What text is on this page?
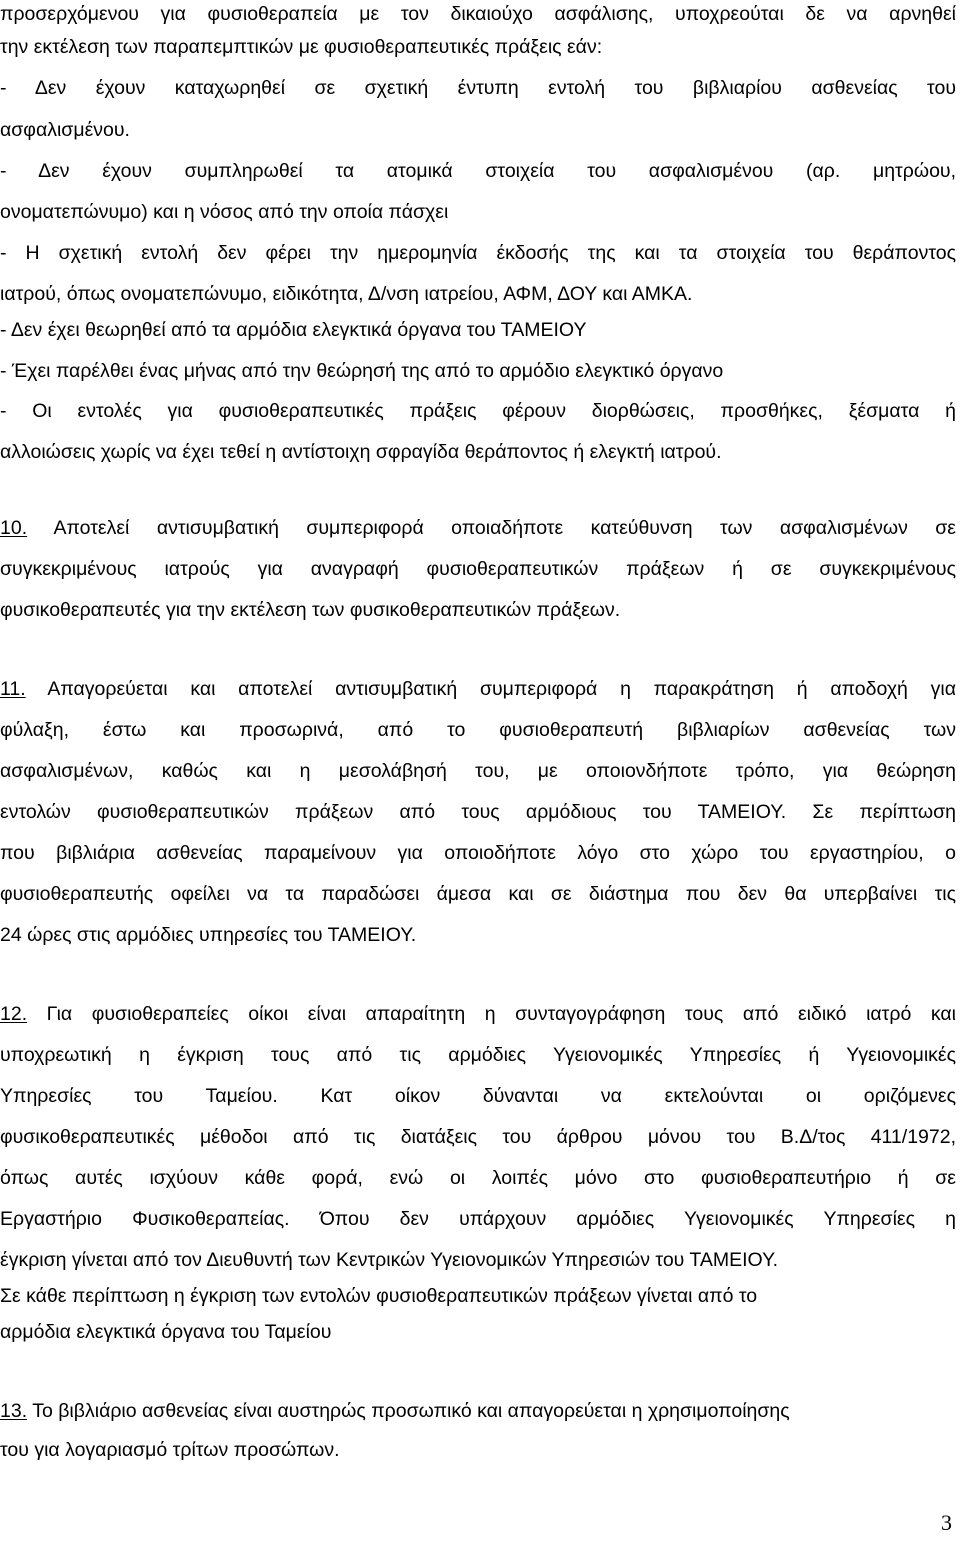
προσερχόμενου για φυσιοθεραπεία με τον δικαιούχο ασφάλισης, υποχρεούται δε να αρνηθεί
την εκτέλεση των παραπεμπτικών με φυσιοθεραπευτικές πράξεις εάν:
- Δεν έχουν καταχωρηθεί σε σχετική έντυπη εντολή του βιβλιαρίου ασθενείας του
ασφαλισμένου.
- Δεν έχουν συμπληρωθεί τα ατομικά στοιχεία του ασφαλισμένου (αρ. μητρώου,
ονοματεπώνυμο) και η νόσος από την οποία πάσχει
- Η σχετική εντολή δεν φέρει την ημερομηνία έκδοσής της και τα στοιχεία του θεράποντος
ιατρού, όπως ονοματεπώνυμο, ειδικότητα, Δ/νση ιατρείου, ΑΦΜ, ΔΟΥ και ΑΜΚΑ.
- Δεν έχει θεωρηθεί από τα αρμόδια ελεγκτικά όργανα του ΤΑΜΕΙΟΥ
- Έχει παρέλθει ένας μήνας από την θεώρησή της από το αρμόδιο ελεγκτικό όργανο
- Οι εντολές για φυσιοθεραπευτικές πράξεις φέρουν διορθώσεις, προσθήκες, ξέσματα ή
αλλοιώσεις χωρίς να έχει τεθεί η αντίστοιχη σφραγίδα θεράποντος ή ελεγκτή ιατρού.
10. Αποτελεί αντισυμβατική συμπεριφορά οποιαδήποτε κατεύθυνση των ασφαλισμένων σε
συγκεκριμένους ιατρούς για αναγραφή φυσιοθεραπευτικών πράξεων ή σε συγκεκριμένους
φυσικοθεραπευτές για την εκτέλεση των φυσικοθεραπευτικών πράξεων.
11. Απαγορεύεται και αποτελεί αντισυμβατική συμπεριφορά η παρακράτηση ή αποδοχή για
φύλαξη, έστω και προσωρινά, από το φυσιοθεραπευτή βιβλιαρίων ασθενείας των
ασφαλισμένων, καθώς και η μεσολάβησή του, με οποιονδήποτε τρόπο, για θεώρηση
εντολών φυσιοθεραπευτικών πράξεων από τους αρμόδιους του ΤΑΜΕΙΟΥ. Σε περίπτωση
που βιβλιάρια ασθενείας παραμείνουν για οποιοδήποτε λόγο στο χώρο του εργαστηρίου, ο
φυσιοθεραπευτής οφείλει να τα παραδώσει άμεσα και σε διάστημα που δεν θα υπερβαίνει τις
24 ώρες στις αρμόδιες υπηρεσίες του ΤΑΜΕΙΟΥ.
12. Για φυσιοθεραπείες οίκοι είναι απαραίτητη η συνταγογράφηση τους από ειδικό ιατρό και
υποχρεωτική η έγκριση τους από τις αρμόδιες Υγειονομικές Υπηρεσίες ή Υγειονομικές
Υπηρεσίες του Ταμείου. Κατ οίκον δύνανται να εκτελούνται οι οριζόμενες
φυσικοθεραπευτικές μέθοδοι από τις διατάξεις του άρθρου μόνου του Β.Δ/τος 411/1972,
όπως αυτές ισχύουν κάθε φορά, ενώ οι λοιπές μόνο στο φυσιοθεραπευτήριο ή σε
Εργαστήριο Φυσικοθεραπείας. Όπου δεν υπάρχουν αρμόδιες Υγειονομικές Υπηρεσίες η
έγκριση γίνεται από τον Διευθυντή των Κεντρικών Υγειονομικών Υπηρεσιών του ΤΑΜΕΙΟΥ.
Σε κάθε περίπτωση η έγκριση των εντολών φυσιοθεραπευτικών πράξεων γίνεται από το
αρμόδια ελεγκτικά όργανα του Ταμείου
13. Το βιβλιάριο ασθενείας είναι αυστηρώς προσωπικό και απαγορεύεται η χρησιμοποίησης
του για λογαριασμό τρίτων προσώπων.
3
